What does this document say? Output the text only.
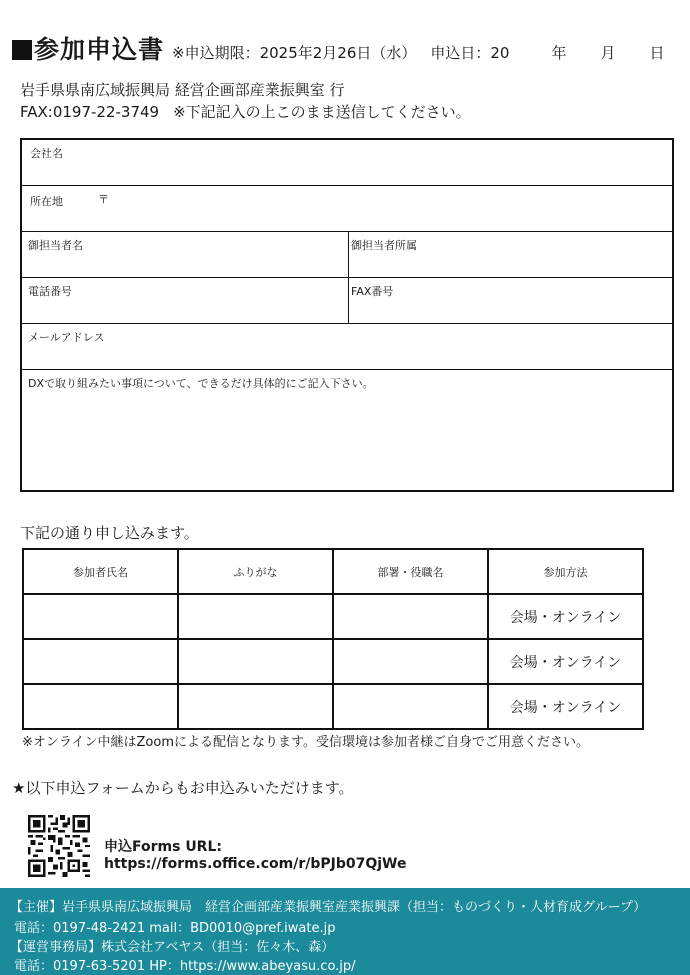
参加申込書 ※申込期限：2025年2月26日（水） 申込日：20	年 月 日
岩手県県南広域振興局 経営企画部産業振興室 行
FAX:0197-22-3749 ※下記記入の上このまま送信してください。
会社名
所在地	〒
御担当者名	御担当者所属
電話番号	FAX番号
メールアドレス
DXで取り組みたい事項について、できるだけ具体的にご記入下さい。
下記の通り申し込みます。
参加者氏名	ふりがな	部署・役職名	参加方法
			会場・オンライン
			会場・オンライン
			会場・オンライン
※オンライン中継はZoomによる配信となります。受信環境は参加者様ご自身でご用意ください。
★以下申込フォームからもお申込みいただけます。
申込Forms URL:
https://forms.office.com/r/bPJb07QjWe
【主催】岩手県県南広域振興局　経営企画部産業振興室産業振興課（担当：ものづくり・人材育成グループ）
電話：0197-48-2421 mail：BD0010@pref.iwate.jp
【運営事務局】株式会社アベヤス（担当：佐々木、森）
電話：0197-63-5201 HP：https://www.abeyasu.co.jp/
